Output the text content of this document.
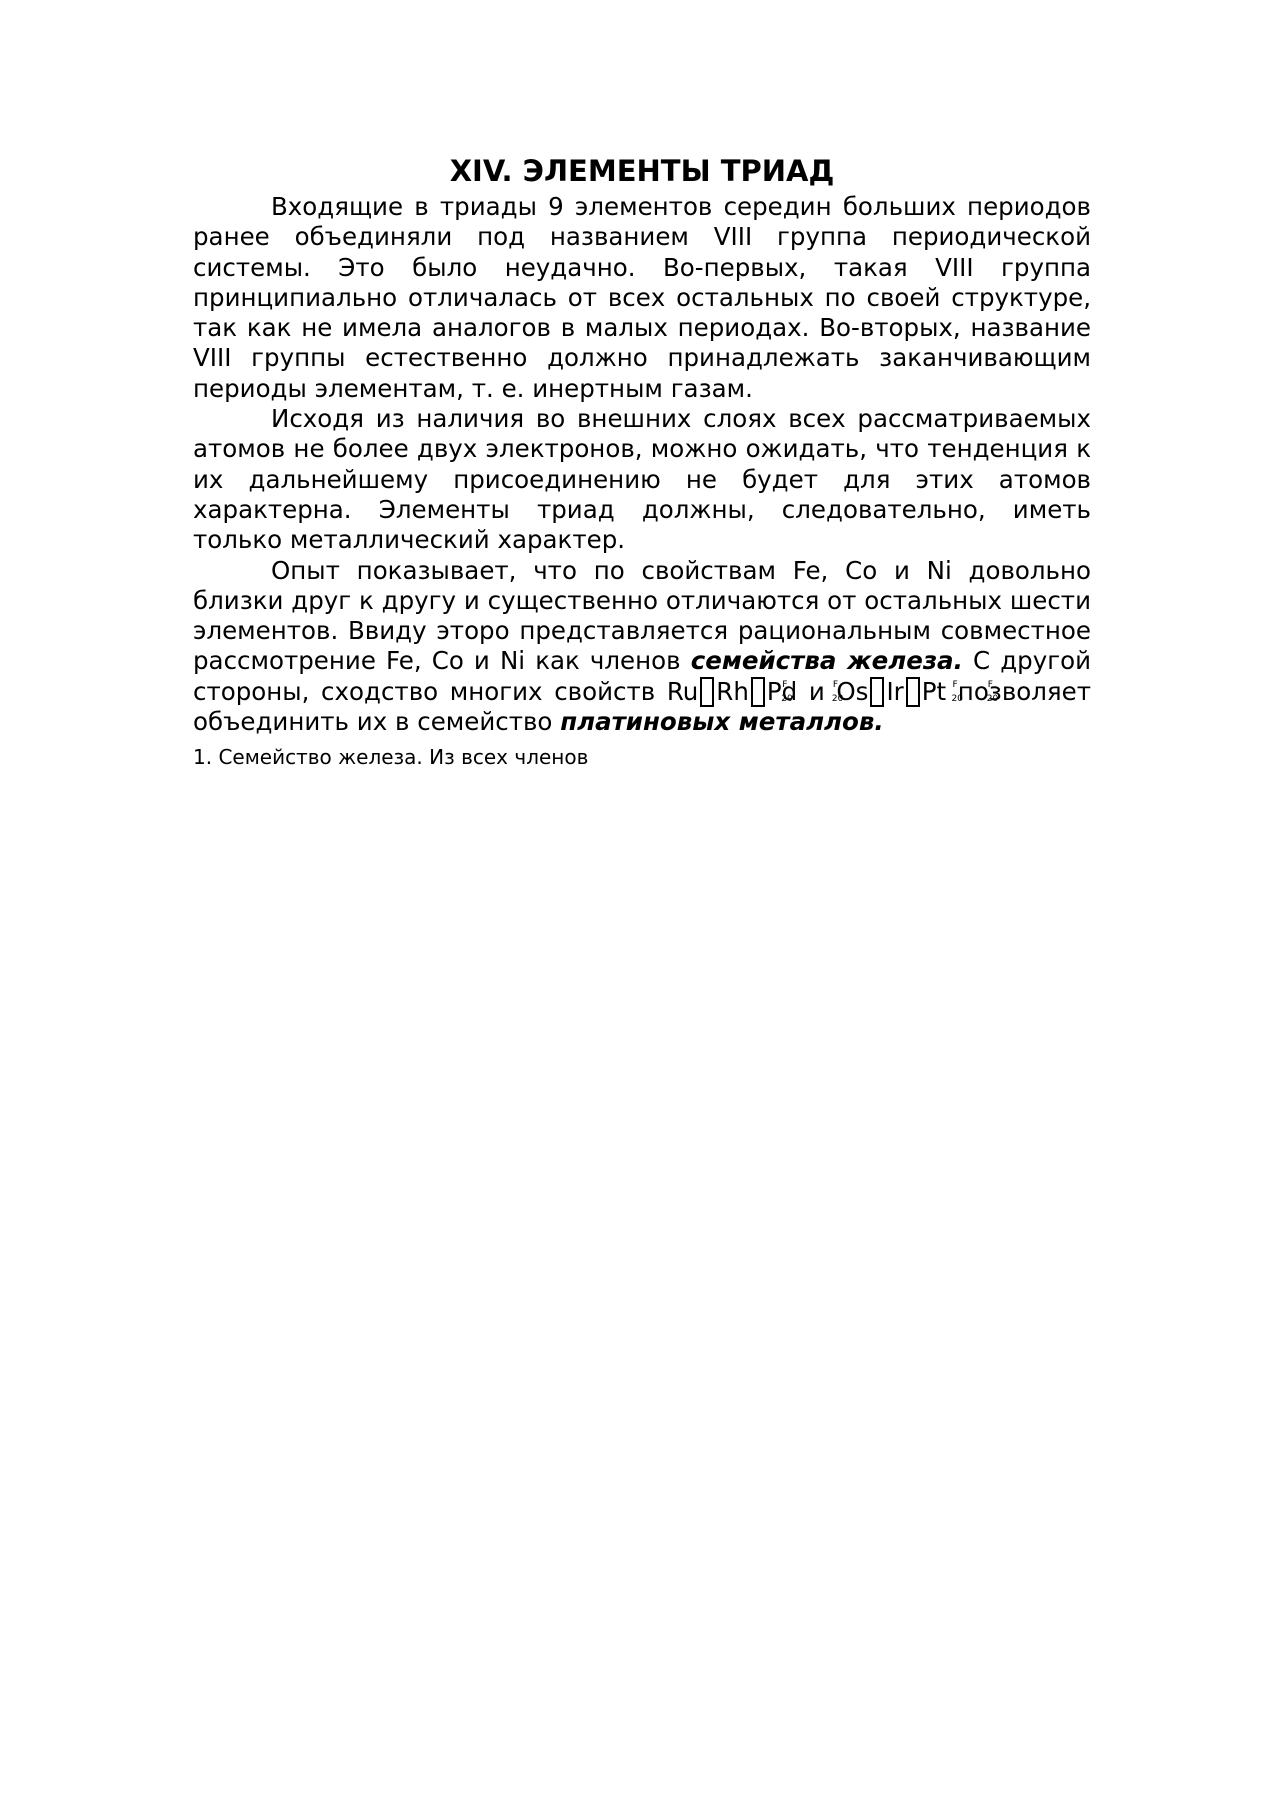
XIV. ЭЛЕМЕНТЫ ТРИАД

Входящие в триады 9 элементов середин больших периодов ранее объединяли под названием VIII группа периодической системы. Это было неудачно. Во-первых, такая VIII группа принципиально отличалась от всех остальных по своей структуре, так как не имела аналогов в малых периодах. Во-вторых, название VIII группы естественно должно принадлежать заканчивающим периоды элементам, т. е. инертным газам.

Исходя из наличия во внешних слоях всех рассматриваемых атомов не более двух электронов, можно ожидать, что тенденция к их дальнейшему присоединению не будет для этих атомов характерна. Элементы триад должны, следовательно, иметь только металлический характер.

Опыт показывает, что по свойствам Fe, Co и Ni довольно близки друг к другу и существенно отличаются от остальных шести элементов. Ввиду эторо представляется рациональным совместное рассмотрение Fe, Co и Ni как членов семейства железа. С другой стороны, сходство многих свойств Ru F 20 Rh F 20 Pd и Os F 20 Ir F 20 Pt позволяет объединить их в семейство платиновых металлов.

1. Семейство железа. Из всех членов
